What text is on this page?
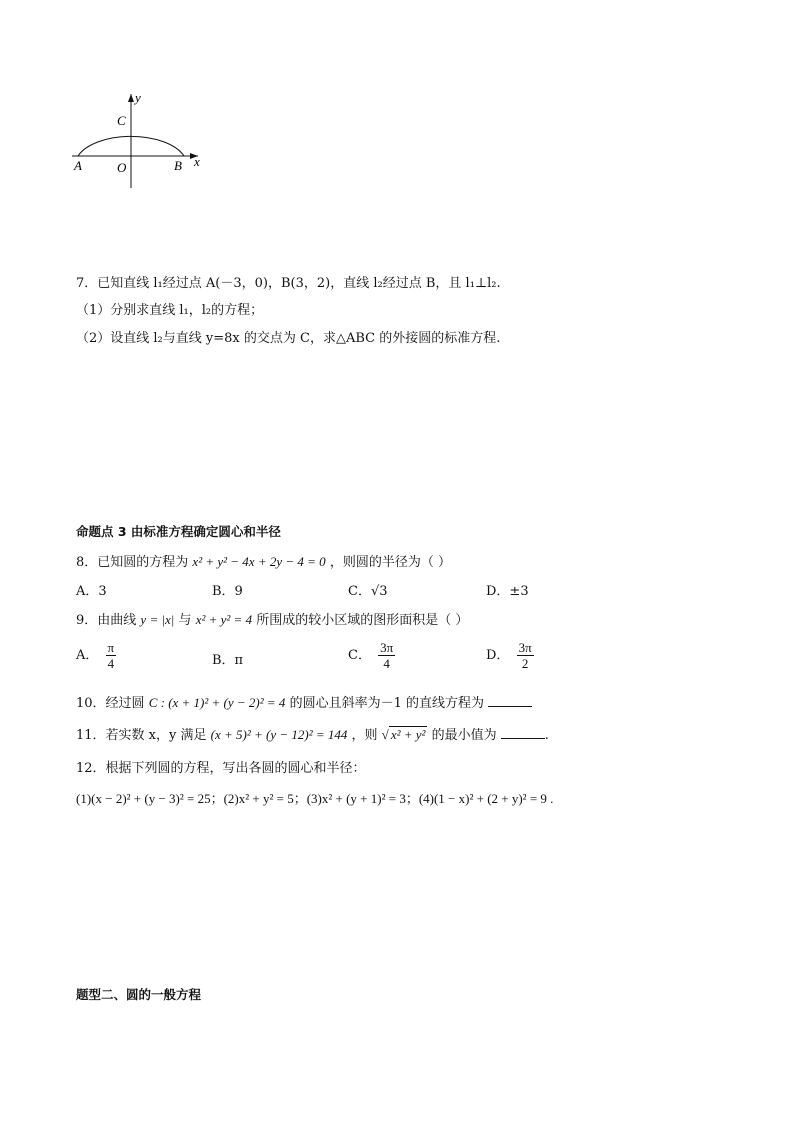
y
C
A	O	B x
7．已知直线 l₁经过点 A(－3，0)，B(3，2)，直线 l₂经过点 B，且 l₁⊥l₂.
（1）分别求直线 l₁，l₂的方程；
（2）设直线 l₂与直线 y=8x 的交点为 C，求△ABC 的外接圆的标准方程.
命题点 3 由标准方程确定圆心和半径
8．已知圆的方程为 x² + y² − 4x + 2y − 4 = 0 ，则圆的半径为（ ）
A．3	B．9	C．√3	D．±3
9．由曲线 y = |x| 与 x² + y² = 4 所围成的较小区域的图形面积是（ ）
A． $\frac{\pi}{4}$	B．π	C． $\frac{3\pi}{4}$	D． $\frac{3\pi}{2}$
10．经过圆 C : (x + 1)² + (y − 2)² = 4 的圆心且斜率为－1 的直线方程为
11．若实数 x，y 满足 (x + 5)² + (y − 12)² = 144 ，则 √ x² + y² 的最小值为	.
12．根据下列圆的方程，写出各圆的圆心和半径：
(1)(x − 2)² + (y − 3)² = 25；(2)x² + y² = 5；(3)x² + (y + 1)² = 3；(4)(1 − x)² + (2 + y)² = 9 .
题型二、圆的一般方程
